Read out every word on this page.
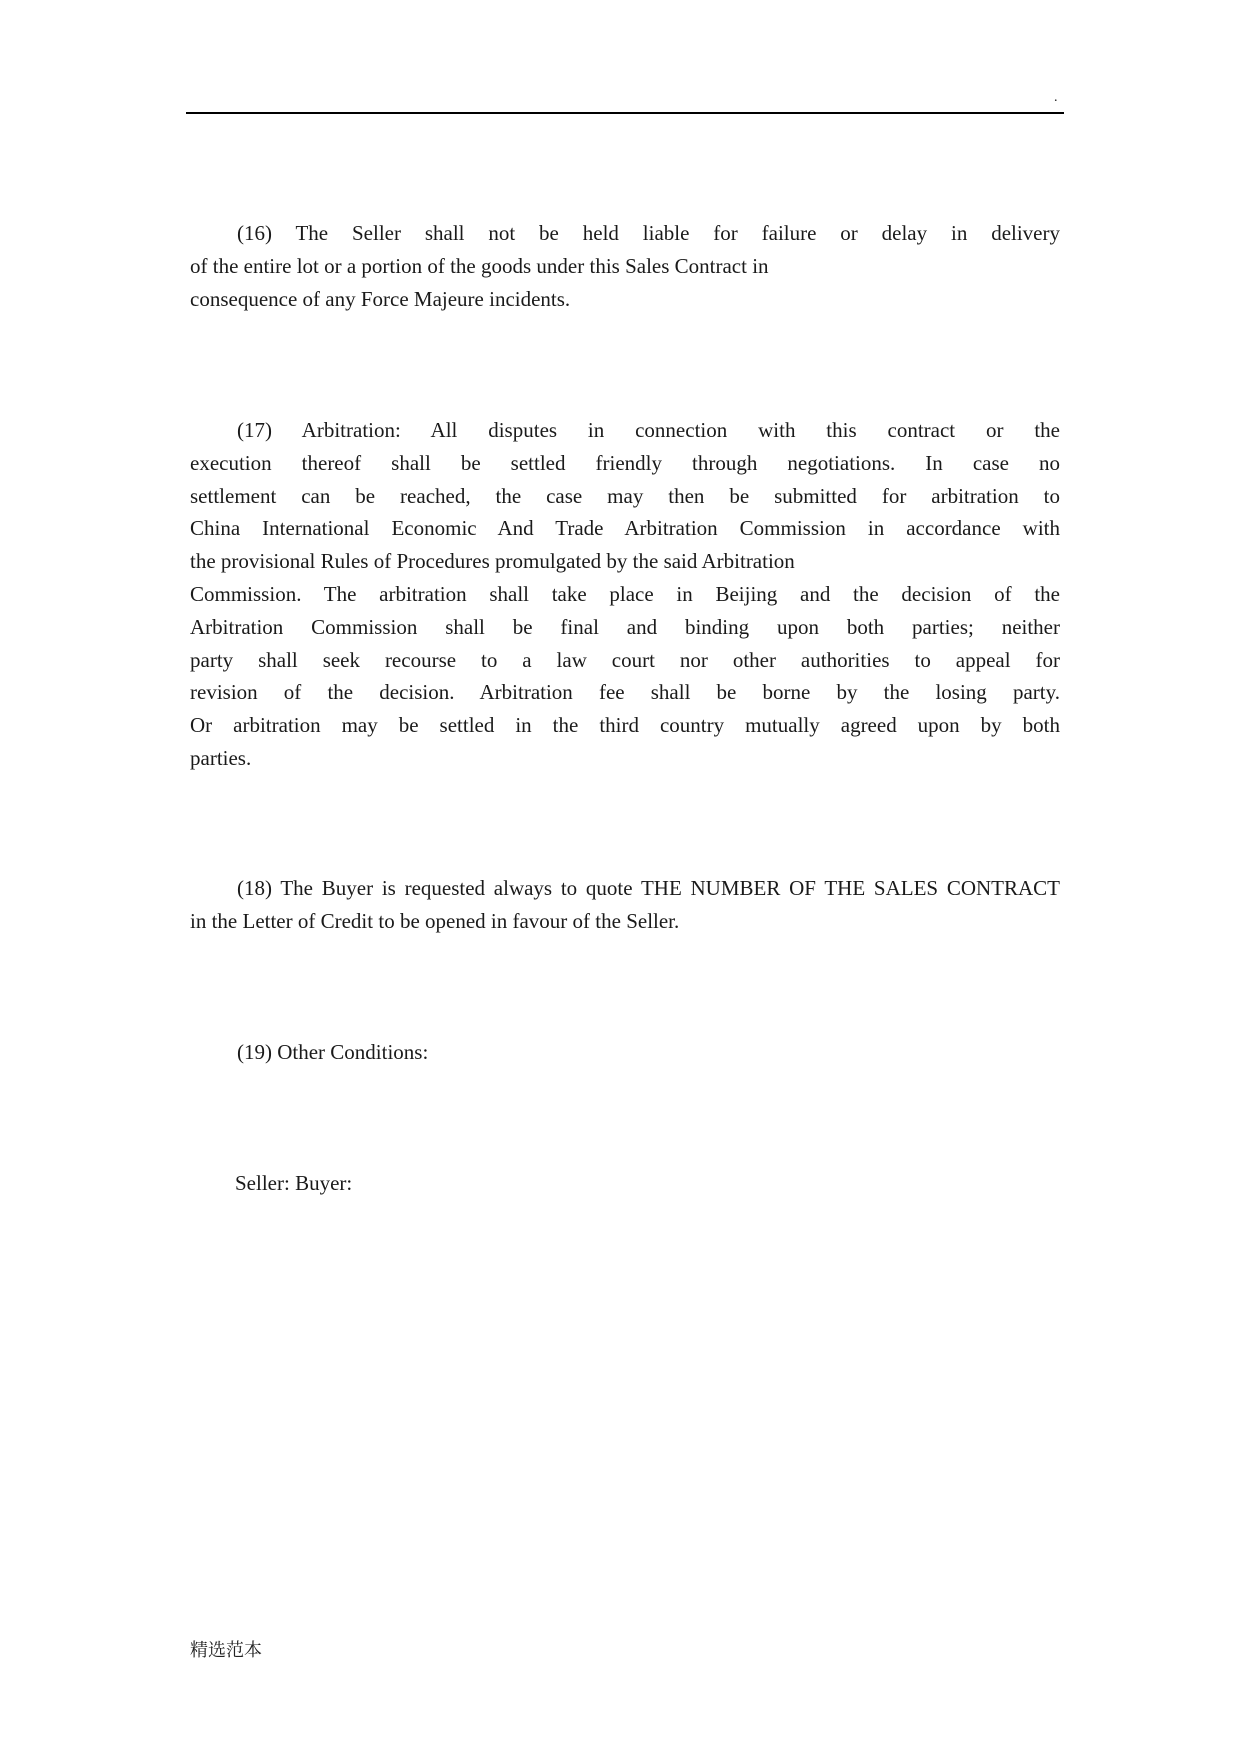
.
(16) The Seller shall not be held liable for failure or delay in delivery
of the entire lot or a portion of the goods under this Sales Contract in
consequence of any Force Majeure incidents.
(17) Arbitration: All disputes in connection with this contract or the
execution thereof shall be settled friendly through negotiations. In case no
settlement can be reached, the case may then be submitted for arbitration to
China International Economic And Trade Arbitration Commission in accordance with
the provisional Rules of Procedures promulgated by the said Arbitration
Commission. The arbitration shall take place in Beijing and the decision of the
Arbitration Commission shall be final and binding upon both parties; neither
party shall seek recourse to a law court nor other authorities to appeal for
revision of the decision. Arbitration fee shall be borne by the losing party.
Or arbitration may be settled in the third country mutually agreed upon by both
parties.
(18) The Buyer is requested always to quote THE NUMBER OF THE SALES CONTRACT
in the Letter of Credit to be opened in favour of the Seller.
(19) Other Conditions:
Seller: Buyer:
精选范本
